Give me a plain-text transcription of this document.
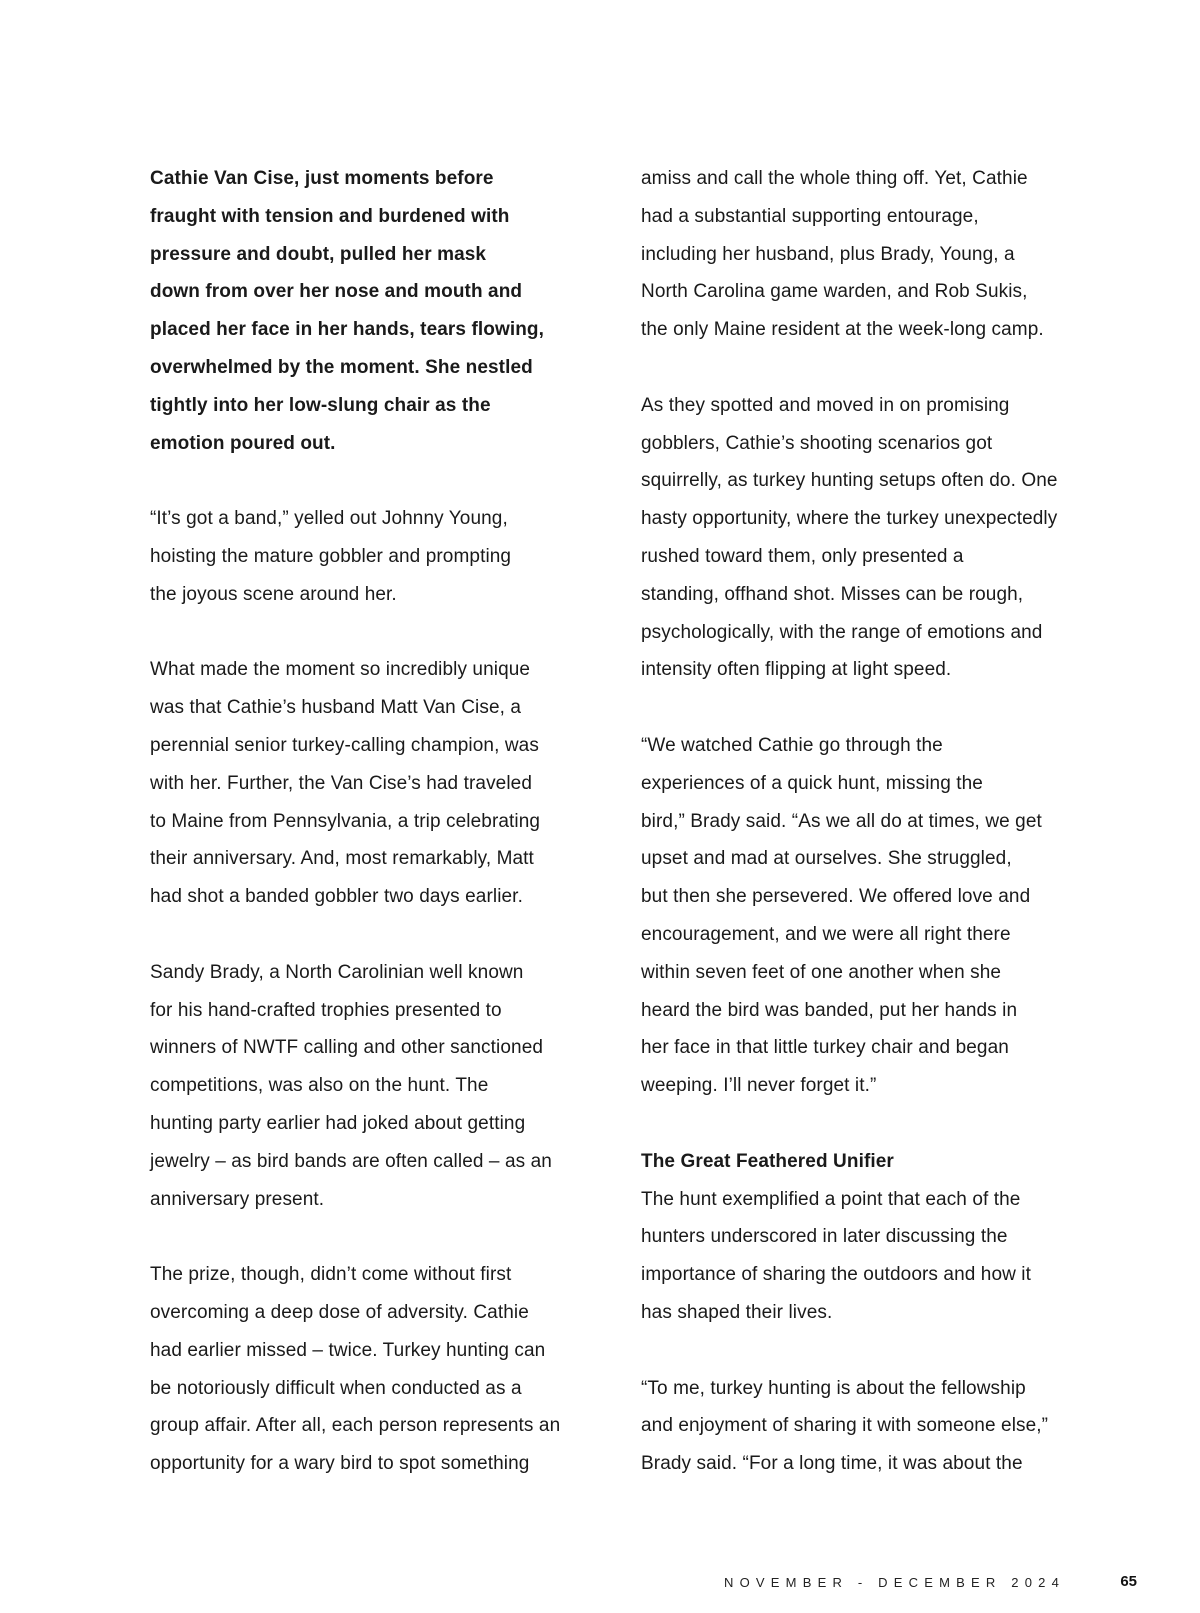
Cathie Van Cise, just moments before
fraught with tension and burdened with
pressure and doubt, pulled her mask
down from over her nose and mouth and
placed her face in her hands, tears flowing,
overwhelmed by the moment. She nestled
tightly into her low-slung chair as the
emotion poured out.
“It’s got a band,” yelled out Johnny Young,
hoisting the mature gobbler and prompting
the joyous scene around her.
What made the moment so incredibly unique
was that Cathie’s husband Matt Van Cise, a
perennial senior turkey-calling champion, was
with her. Further, the Van Cise’s had traveled
to Maine from Pennsylvania, a trip celebrating
their anniversary. And, most remarkably, Matt
had shot a banded gobbler two days earlier.
Sandy Brady, a North Carolinian well known
for his hand-crafted trophies presented to
winners of NWTF calling and other sanctioned
competitions, was also on the hunt. The
hunting party earlier had joked about getting
jewelry – as bird bands are often called – as an
anniversary present.
The prize, though, didn’t come without first
overcoming a deep dose of adversity. Cathie
had earlier missed – twice. Turkey hunting can
be notoriously difficult when conducted as a
group affair. After all, each person represents an
opportunity for a wary bird to spot something
amiss and call the whole thing off. Yet, Cathie
had a substantial supporting entourage,
including her husband, plus Brady, Young, a
North Carolina game warden, and Rob Sukis,
the only Maine resident at the week-long camp.
As they spotted and moved in on promising
gobblers, Cathie’s shooting scenarios got
squirrelly, as turkey hunting setups often do. One
hasty opportunity, where the turkey unexpectedly
rushed toward them, only presented a
standing, offhand shot. Misses can be rough,
psychologically, with the range of emotions and
intensity often flipping at light speed.
“We watched Cathie go through the
experiences of a quick hunt, missing the
bird,” Brady said. “As we all do at times, we get
upset and mad at ourselves. She struggled,
but then she persevered. We offered love and
encouragement, and we were all right there
within seven feet of one another when she
heard the bird was banded, put her hands in
her face in that little turkey chair and began
weeping. I’ll never forget it.”
The Great Feathered Unifier
The hunt exemplified a point that each of the
hunters underscored in later discussing the
importance of sharing the outdoors and how it
has shaped their lives.
“To me, turkey hunting is about the fellowship
and enjoyment of sharing it with someone else,”
Brady said. “For a long time, it was about the
NOVEMBER - DECEMBER 2024	65
